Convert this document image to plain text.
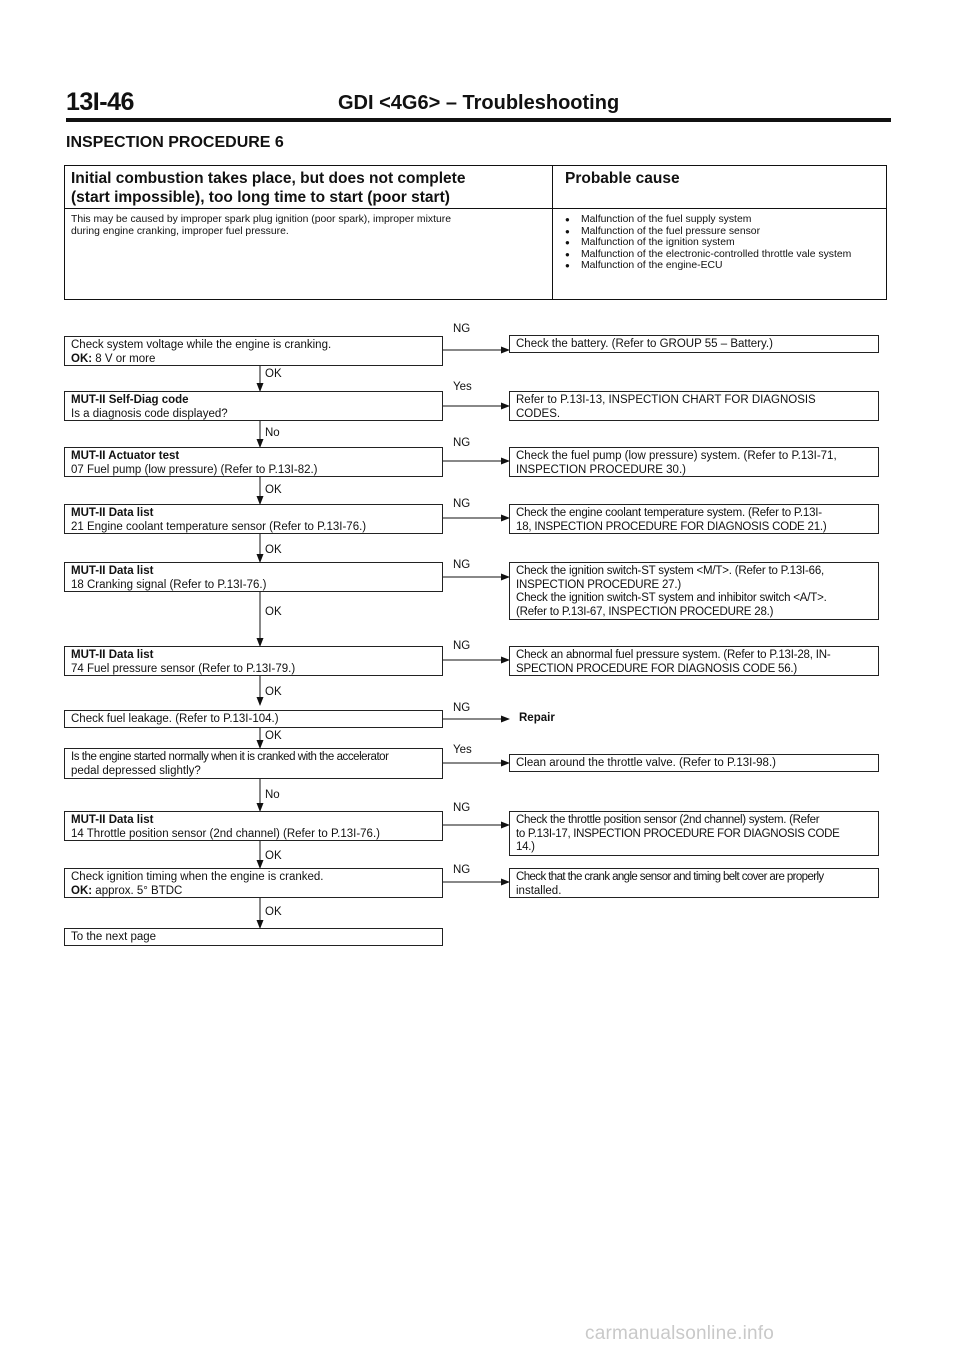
13I-46	GDI <4G6> – Troubleshooting
INSPECTION PROCEDURE 6
Initial combustion takes place, but does not complete
(start impossible), too long time to start (poor start)
Probable cause
This may be caused by improper spark plug ignition (poor spark), improper mixture
during engine cranking, improper fuel pressure.
● Malfunction of the fuel supply system
● Malfunction of the fuel pressure sensor
● Malfunction of the ignition system
● Malfunction of the electronic-controlled throttle vale system
● Malfunction of the engine-ECU
NG
Yes
NG
NG
NG
NG
NG
Yes
NG
NG
OK
No
OK
OK
OK
OK
OK
No
OK
OK
Check system voltage while the engine is cranking.
OK: 8 V or more
MUT-II Self-Diag code
Is a diagnosis code displayed?
MUT-II Actuator test
07 Fuel pump (low pressure) (Refer to P.13I-82.)
MUT-II Data list
21 Engine coolant temperature sensor (Refer to P.13I-76.)
MUT-II Data list
18 Cranking signal (Refer to P.13I-76.)
MUT-II Data list
74 Fuel pressure sensor (Refer to P.13I-79.)
Check fuel leakage. (Refer to P.13I-104.)
Is the engine started normally when it is cranked with the accelerator
pedal depressed slightly?
MUT-II Data list
14 Throttle position sensor (2nd channel) (Refer to P.13I-76.)
Check ignition timing when the engine is cranked.
OK: approx. 5° BTDC
To the next page
Check the battery. (Refer to GROUP 55 – Battery.)
Refer to P.13I-13, INSPECTION CHART FOR DIAGNOSIS
CODES.
Check the fuel pump (low pressure) system. (Refer to P.13I-71,
INSPECTION PROCEDURE 30.)
Check the engine coolant temperature system. (Refer to P.13I-
18, INSPECTION PROCEDURE FOR DIAGNOSIS CODE 21.)
Check the ignition switch-ST system <M/T>. (Refer to P.13I-66,
INSPECTION PROCEDURE 27.)
Check the ignition switch-ST system and inhibitor switch <A/T>.
(Refer to P.13I-67, INSPECTION PROCEDURE 28.)
Check an abnormal fuel pressure system. (Refer to P.13I-28, IN-
SPECTION PROCEDURE FOR DIAGNOSIS CODE 56.)
Repair
Clean around the throttle valve. (Refer to P.13I-98.)
Check the throttle position sensor (2nd channel) system. (Refer
to P.13I-17, INSPECTION PROCEDURE FOR DIAGNOSIS CODE
14.)
Check that the crank angle sensor and timing belt cover are properly
installed.
carmanualsonline.info
